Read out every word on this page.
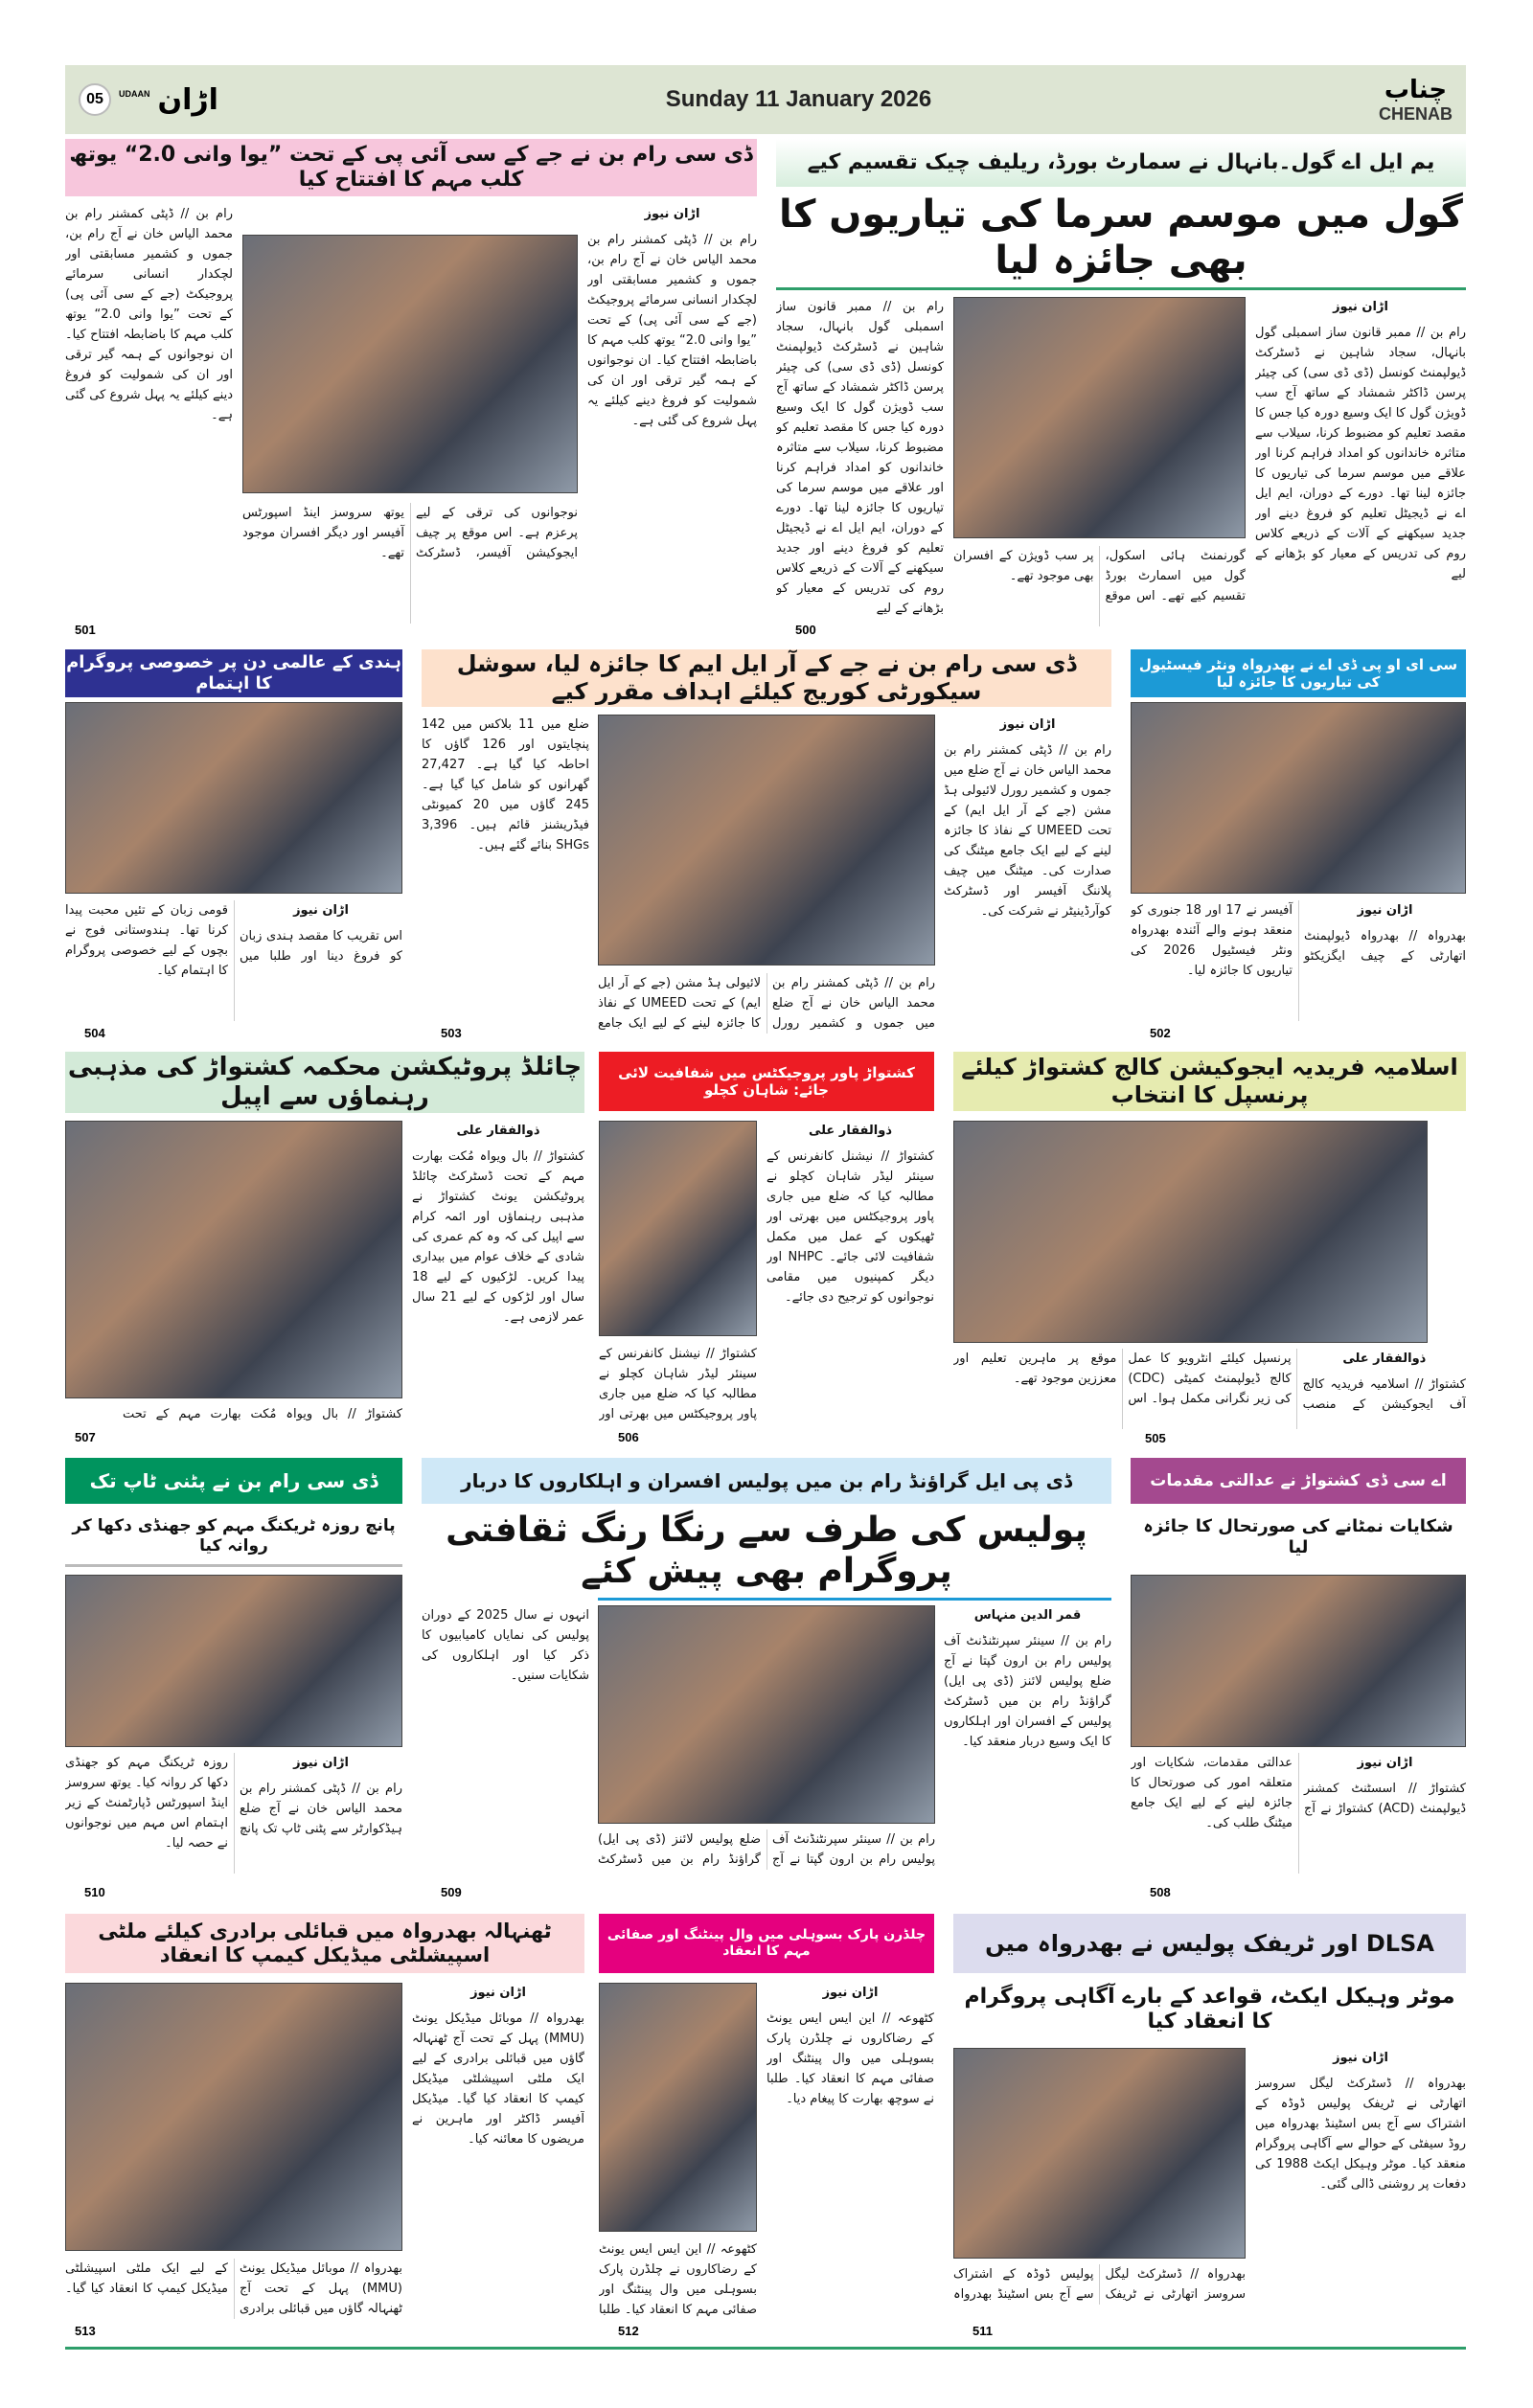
05	UDAAN اڑان	Sunday 11 January 2026	چناب
CHENAB
ڈی سی رام بن نے جے کے سی آئی پی کے تحت ”یوا وانی 2.0“ یوتھ کلب مہم کا افتتاح کیا
اڑان نیوز
رام بن // ڈپٹی کمشنر رام بن محمد الیاس خان نے آج رام بن، جموں و کشمیر مسابقتی اور لچکدار انسانی سرمائے پروجیکٹ (جے کے سی آئی پی) کے تحت ”یوا وانی 2.0“ یوتھ کلب مہم کا باضابطہ افتتاح کیا۔ ان نوجوانوں کے ہمہ گیر ترقی اور ان کی شمولیت کو فروغ دینے کیلئے یہ پہل شروع کی گئی ہے۔
نوجوانوں کی ترقی کے لیے پرعزم ہے۔ اس موقع پر چیف ایجوکیشن آفیسر، ڈسٹرکٹ یوتھ سروسز اینڈ اسپورٹس آفیسر اور دیگر افسران موجود تھے۔
رام بن // ڈپٹی کمشنر رام بن محمد الیاس خان نے آج رام بن، جموں و کشمیر مسابقتی اور لچکدار انسانی سرمائے پروجیکٹ (جے کے سی آئی پی) کے تحت ”یوا وانی 2.0“ یوتھ کلب مہم کا باضابطہ افتتاح کیا۔ ان نوجوانوں کے ہمہ گیر ترقی اور ان کی شمولیت کو فروغ دینے کیلئے یہ پہل شروع کی گئی ہے۔
501
یم ایل اے گول۔بانہال نے سمارٹ بورڈ، ریلیف چیک تقسیم کیے
گول میں موسم سرما کی تیاریوں کا بھی جائزہ لیا
اڑان نیوز
رام بن // ممبر قانون ساز اسمبلی گول بانہال، سجاد شاہین نے ڈسٹرکٹ ڈیولپمنٹ کونسل (ڈی ڈی سی) کی چیئر پرسن ڈاکٹر شمشاد کے ساتھ آج سب ڈویژن گول کا ایک وسیع دورہ کیا جس کا مقصد تعلیم کو مضبوط کرنا، سیلاب سے متاثرہ خاندانوں کو امداد فراہم کرنا اور علاقے میں موسم سرما کی تیاریوں کا جائزہ لینا تھا۔ دورے کے دوران، ایم ایل اے نے ڈیجیٹل تعلیم کو فروغ دینے اور جدید سیکھنے کے آلات کے ذریعے کلاس روم کی تدریس کے معیار کو بڑھانے کے لیے
گورنمنٹ ہائی اسکول، گول میں اسمارٹ بورڈ تقسیم کیے تھے۔ اس موقع پر سب ڈویژن کے افسران بھی موجود تھے۔
رام بن // ممبر قانون ساز اسمبلی گول بانہال، سجاد شاہین نے ڈسٹرکٹ ڈیولپمنٹ کونسل (ڈی ڈی سی) کی چیئر پرسن ڈاکٹر شمشاد کے ساتھ آج سب ڈویژن گول کا ایک وسیع دورہ کیا جس کا مقصد تعلیم کو مضبوط کرنا، سیلاب سے متاثرہ خاندانوں کو امداد فراہم کرنا اور علاقے میں موسم سرما کی تیاریوں کا جائزہ لینا تھا۔ دورے کے دوران، ایم ایل اے نے ڈیجیٹل تعلیم کو فروغ دینے اور جدید سیکھنے کے آلات کے ذریعے کلاس روم کی تدریس کے معیار کو بڑھانے کے لیے
500
ہندی کے عالمی دن پر خصوصی پروگرام کا اہتمام
اڑان نیوز
اس تقریب کا مقصد ہندی زبان کو فروغ دینا اور طلبا میں قومی زبان کے تئیں محبت پیدا کرنا تھا۔ ہندوستانی فوج نے بچوں کے لیے خصوصی پروگرام کا اہتمام کیا۔
504
ڈی سی رام بن نے جے کے آر ایل ایم کا جائزہ لیا، سوشل سیکورٹی کوریج کیلئے اہداف مقرر کیے
اڑان نیوز
رام بن // ڈپٹی کمشنر رام بن محمد الیاس خان نے آج ضلع میں جموں و کشمیر رورل لائیولی ہڈ مشن (جے کے آر ایل ایم) کے تحت UMEED کے نفاذ کا جائزہ لینے کے لیے ایک جامع میٹنگ کی صدارت کی۔ میٹنگ میں چیف پلاننگ آفیسر اور ڈسٹرکٹ کوآرڈینیٹر نے شرکت کی۔
ضلع میں 11 بلاکس میں 142 پنچایتوں اور 126 گاؤں کا احاطہ کیا گیا ہے۔ 27,427 گھرانوں کو شامل کیا گیا ہے۔ 245 گاؤں میں 20 کمیونٹی فیڈریشنز قائم ہیں۔ 3,396 SHGs بنائے گئے ہیں۔
رام بن // ڈپٹی کمشنر رام بن محمد الیاس خان نے آج ضلع میں جموں و کشمیر رورل لائیولی ہڈ مشن (جے کے آر ایل ایم) کے تحت UMEED کے نفاذ کا جائزہ لینے کے لیے ایک جامع
503
سی ای او پی ڈی اے نے بھدرواہ ونٹر فیسٹیول کی تیاریوں کا جائزہ لیا
اڑان نیوز
بھدرواہ // بھدرواہ ڈیولپمنٹ اتھارٹی کے چیف ایگزیکٹو آفیسر نے 17 اور 18 جنوری کو منعقد ہونے والے آئندہ بھدرواہ ونٹر فیسٹیول 2026 کی تیاریوں کا جائزہ لیا۔
502
چائلڈ پروٹیکشن محکمہ کشتواڑ کی مذہبی رہنماؤں سے اپیل
ذوالفقار علی
کشتواڑ // بال ویواہ مُکت بھارت مہم کے تحت ڈسٹرکٹ چائلڈ پروٹیکشن یونٹ کشتواڑ نے مذہبی رہنماؤں اور ائمہ کرام سے اپیل کی کہ وہ کم عمری کی شادی کے خلاف عوام میں بیداری پیدا کریں۔ لڑکیوں کے لیے 18 سال اور لڑکوں کے لیے 21 سال عمر لازمی ہے۔
کشتواڑ // بال ویواہ مُکت بھارت مہم کے تحت
507
کشتواڑ پاور پروجیکٹس میں شفافیت لائی جائے: شاہان کچلو
ذوالفقار علی
کشتواڑ // نیشنل کانفرنس کے سینئر لیڈر شاہان کچلو نے مطالبہ کیا کہ ضلع میں جاری پاور پروجیکٹس میں بھرتی اور ٹھیکوں کے عمل میں مکمل شفافیت لائی جائے۔ NHPC اور دیگر کمپنیوں میں مقامی نوجوانوں کو ترجیح دی جائے۔
کشتواڑ // نیشنل کانفرنس کے سینئر لیڈر شاہان کچلو نے مطالبہ کیا کہ ضلع میں جاری پاور پروجیکٹس میں بھرتی اور
506
اسلامیہ فریدیہ ایجوکیشن کالج کشتواڑ کیلئے پرنسپل کا انتخاب
ذوالفقار علی
کشتواڑ // اسلامیہ فریدیہ کالج آف ایجوکیشن کے منصب پرنسپل کیلئے انٹرویو کا عمل کالج ڈیولپمنٹ کمیٹی (CDC) کی زیر نگرانی مکمل ہوا۔ اس موقع پر ماہرین تعلیم اور معززین موجود تھے۔
505
ڈی سی رام بن نے پٹنی ٹاپ تک
پانچ روزہ ٹریکنگ مہم کو جھنڈی دکھا کر روانہ کیا
اڑان نیوز
رام بن // ڈپٹی کمشنر رام بن محمد الیاس خان نے آج ضلع ہیڈکوارٹر سے پٹنی ٹاپ تک پانچ روزہ ٹریکنگ مہم کو جھنڈی دکھا کر روانہ کیا۔ یوتھ سروسز اینڈ اسپورٹس ڈپارٹمنٹ کے زیر اہتمام اس مہم میں نوجوانوں نے حصہ لیا۔
510
ڈی پی ایل گراؤنڈ رام بن میں پولیس افسران و اہلکاروں کا دربار
پولیس کی طرف سے رنگا رنگ ثقافتی پروگرام بھی پیش کئے
قمر الدین منہاس
رام بن // سینئر سپرنٹنڈنٹ آف پولیس رام بن ارون گپتا نے آج ضلع پولیس لائنز (ڈی پی ایل) گراؤنڈ رام بن میں ڈسٹرکٹ پولیس کے افسران اور اہلکاروں کا ایک وسیع دربار منعقد کیا۔
انہوں نے سال 2025 کے دوران پولیس کی نمایاں کامیابیوں کا ذکر کیا اور اہلکاروں کی شکایات سنیں۔
رام بن // سینئر سپرنٹنڈنٹ آف پولیس رام بن ارون گپتا نے آج ضلع پولیس لائنز (ڈی پی ایل) گراؤنڈ رام بن میں ڈسٹرکٹ
509
اے سی ڈی کشتواڑ نے عدالتی مقدمات
شکایات نمٹانے کی صورتحال کا جائزہ لیا
اڑان نیوز
کشتواڑ // اسسٹنٹ کمشنر ڈیولپمنٹ (ACD) کشتواڑ نے آج عدالتی مقدمات، شکایات اور متعلقہ امور کی صورتحال کا جائزہ لینے کے لیے ایک جامع میٹنگ طلب کی۔
508
ٹھنہالہ بھدرواہ میں قبائلی برادری کیلئے ملٹی اسپیشلٹی میڈیکل کیمپ کا انعقاد
اڑان نیوز
بھدرواہ // موبائل میڈیکل یونٹ (MMU) پہل کے تحت آج ٹھنہالہ گاؤں میں قبائلی برادری کے لیے ایک ملٹی اسپیشلٹی میڈیکل کیمپ کا انعقاد کیا گیا۔ میڈیکل آفیسر ڈاکٹر اور ماہرین نے مریضوں کا معائنہ کیا۔
بھدرواہ // موبائل میڈیکل یونٹ (MMU) پہل کے تحت آج ٹھنہالہ گاؤں میں قبائلی برادری کے لیے ایک ملٹی اسپیشلٹی میڈیکل کیمپ کا انعقاد کیا گیا۔
513
چلڈرن پارک بسوہلی میں وال پینٹنگ اور صفائی مہم کا انعقاد
اڑان نیوز
کٹھوعہ // این ایس ایس یونٹ کے رضاکاروں نے چلڈرن پارک بسوہلی میں وال پینٹنگ اور صفائی مہم کا انعقاد کیا۔ طلبا نے سوچھ بھارت کا پیغام دیا۔
کٹھوعہ // این ایس ایس یونٹ کے رضاکاروں نے چلڈرن پارک بسوہلی میں وال پینٹنگ اور صفائی مہم کا انعقاد کیا۔ طلبا
512
DLSA اور ٹریفک پولیس نے بھدرواہ میں
موٹر وہیکل ایکٹ، قواعد کے بارے آگاہی پروگرام کا انعقاد کیا
اڑان نیوز
بھدرواہ // ڈسٹرکٹ لیگل سروسز اتھارٹی نے ٹریفک پولیس ڈوڈہ کے اشتراک سے آج بس اسٹینڈ بھدرواہ میں روڈ سیفٹی کے حوالے سے آگاہی پروگرام منعقد کیا۔ موٹر وہیکل ایکٹ 1988 کی دفعات پر روشنی ڈالی گئی۔
بھدرواہ // ڈسٹرکٹ لیگل سروسز اتھارٹی نے ٹریفک پولیس ڈوڈہ کے اشتراک سے آج بس اسٹینڈ بھدرواہ
511
